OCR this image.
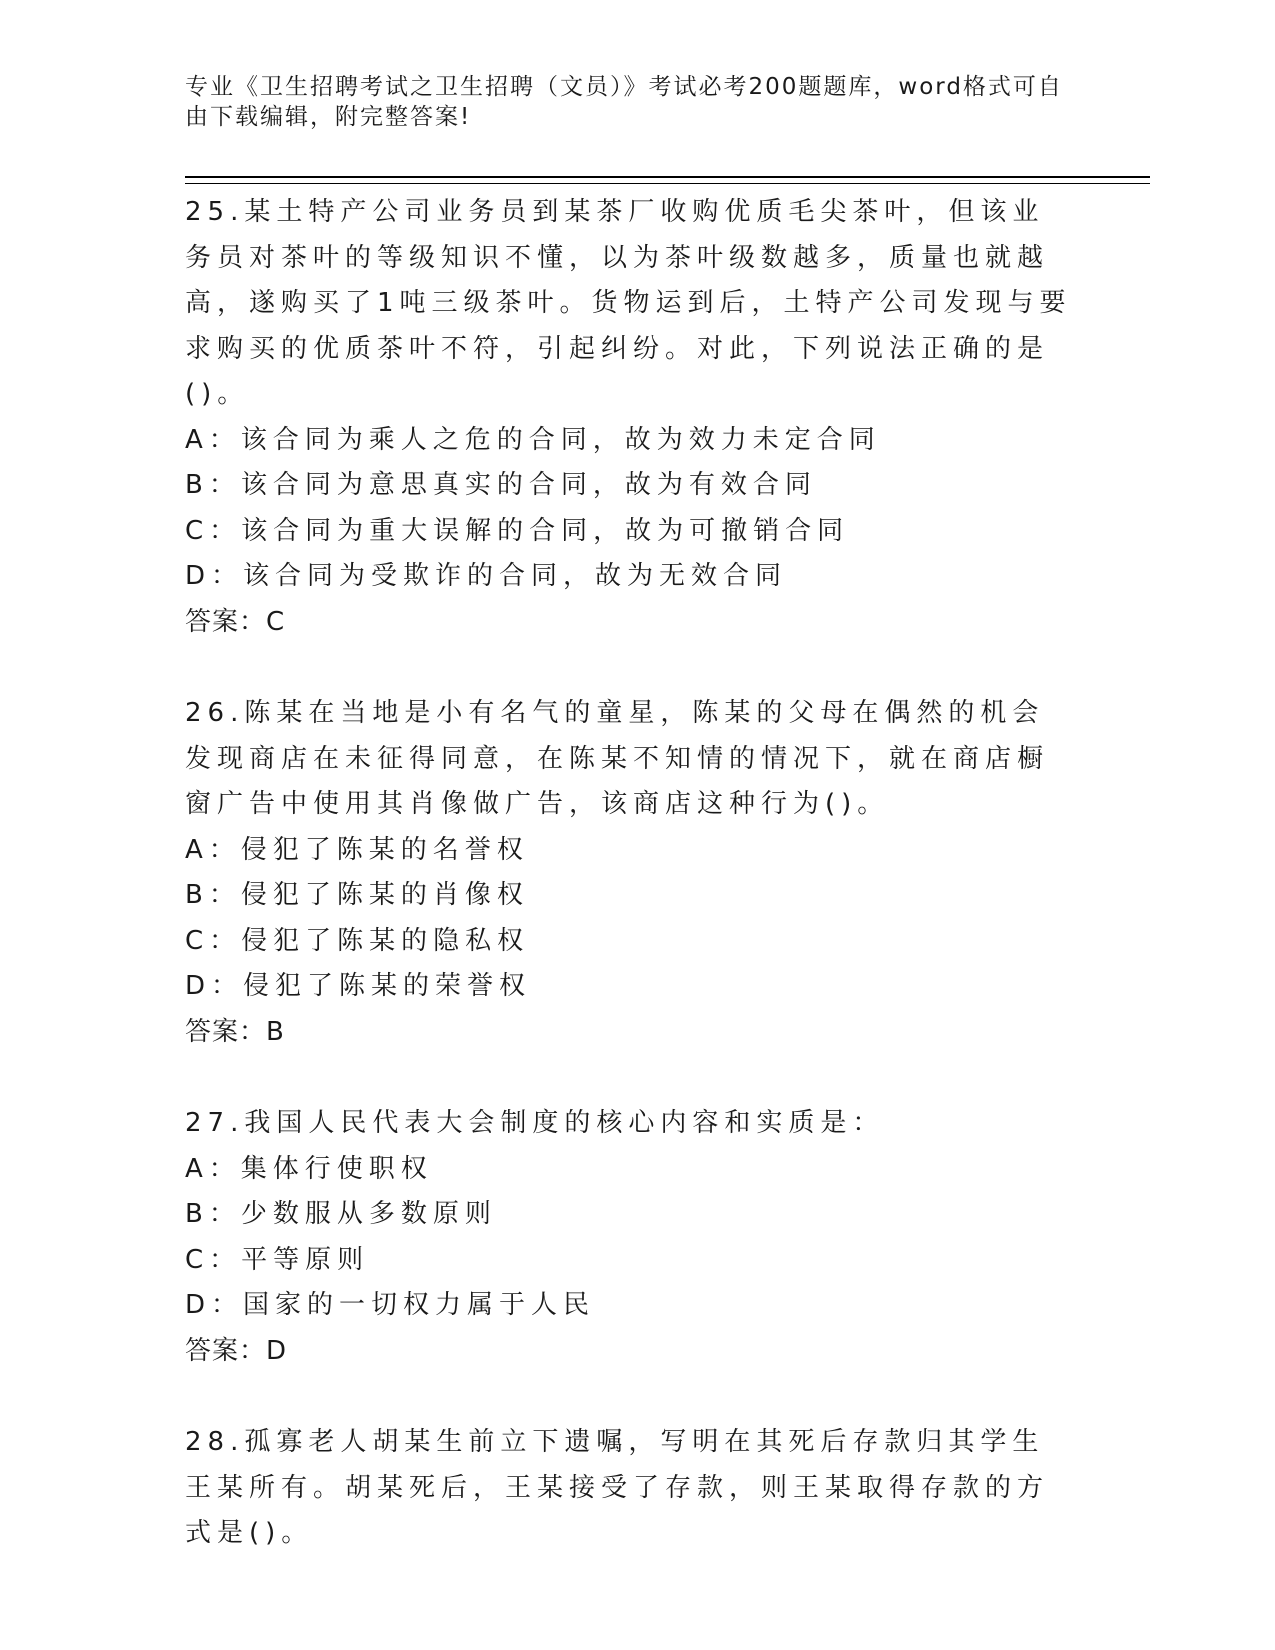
专业《卫生招聘考试之卫生招聘（文员）》考试必考200题题库，word格式可自由下载编辑，附完整答案!

25.某土特产公司业务员到某茶厂收购优质毛尖茶叶，但该业务员对茶叶的等级知识不懂，以为茶叶级数越多，质量也就越高，遂购买了1吨三级茶叶。货物运到后，土特产公司发现与要求购买的优质茶叶不符，引起纠纷。对此，下列说法正确的是()。

A：该合同为乘人之危的合同，故为效力未定合同

B：该合同为意思真实的合同，故为有效合同

C：该合同为重大误解的合同，故为可撤销合同

D：该合同为受欺诈的合同，故为无效合同

答案：C

26.陈某在当地是小有名气的童星，陈某的父母在偶然的机会发现商店在未征得同意，在陈某不知情的情况下，就在商店橱窗广告中使用其肖像做广告，该商店这种行为()。

A：侵犯了陈某的名誉权

B：侵犯了陈某的肖像权

C：侵犯了陈某的隐私权

D：侵犯了陈某的荣誉权

答案：B

27.我国人民代表大会制度的核心内容和实质是：

A：集体行使职权

B：少数服从多数原则

C：平等原则

D：国家的一切权力属于人民

答案：D

28.孤寡老人胡某生前立下遗嘱，写明在其死后存款归其学生王某所有。胡某死后，王某接受了存款，则王某取得存款的方式是()。
